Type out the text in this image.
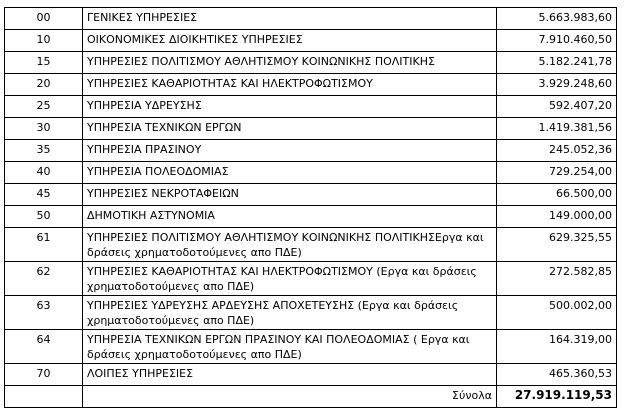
00	ΓΕΝΙΚΕΣ ΥΠΗΡΕΣΙΕΣ	5.663.983,60
10	ΟΙΚΟΝΟΜΙΚΕΣ ΔΙΟΙΚΗΤΙΚΕΣ ΥΠΗΡΕΣΙΕΣ	7.910.460,50
15	ΥΠΗΡΕΣΙΕΣ ΠΟΛΙΤΙΣΜΟΥ ΑΘΛΗΤΙΣΜΟΥ ΚΟΙΝΩΝΙΚΗΣ ΠΟΛΙΤΙΚΗΣ	5.182.241,78
20	ΥΠΗΡΕΣΙΕΣ ΚΑΘΑΡΙΟΤΗΤΑΣ ΚΑΙ ΗΛΕΚΤΡΟΦΩΤΙΣΜΟΥ	3.929.248,60
25	ΥΠΗΡΕΣΙΑ ΥΔΡΕΥΣΗΣ	592.407,20
30	ΥΠΗΡΕΣΙΑ ΤΕΧΝΙΚΩΝ ΕΡΓΩΝ	1.419.381,56
35	ΥΠΗΡΕΣΙΑ ΠΡΑΣΙΝΟΥ	245.052,36
40	ΥΠΗΡΕΣΙΑ ΠΟΛΕΟΔΟΜΙΑΣ	729.254,00
45	ΥΠΗΡΕΣΙΕΣ ΝΕΚΡΟΤΑΦΕΙΩΝ	66.500,00
50	ΔΗΜΟΤΙΚΗ ΑΣΤΥΝΟΜΙΑ	149.000,00
61	ΥΠΗΡΕΣΙΕΣ ΠΟΛΙΤΙΣΜΟΥ ΑΘΛΗΤΙΣΜΟΥ ΚΟΙΝΩΝΙΚΗΣ ΠΟΛΙΤΙΚΗΣΕργα και δράσεις χρηματοδοτούμενες απο ΠΔΕ)	629.325,55
62	ΥΠΗΡΕΣΙΕΣ ΚΑΘΑΡΙΟΤΗΤΑΣ ΚΑΙ ΗΛΕΚΤΡΟΦΩΤΙΣΜΟΥ (Εργα και δράσεις χρηματοδοτούμενες απο ΠΔΕ)	272.582,85
63	ΥΠΗΡΕΣΙΕΣ ΥΔΡΕΥΣΗΣ ΑΡΔΕΥΣΗΣ ΑΠΟΧΕΤΕΥΣΗΣ (Εργα και δράσεις χρηματοδοτούμενες απο ΠΔΕ)	500.002,00
64	ΥΠΗΡΕΣΙΑ ΤΕΧΝΙΚΩΝ ΕΡΓΩΝ ΠΡΑΣΙΝΟΥ ΚΑΙ ΠΟΛΕΟΔΟΜΙΑΣ ( Εργα και δράσεις χρηματοδοτούμενες απο ΠΔΕ)	164.319,00
70	ΛΟΙΠΕΣ ΥΠΗΡΕΣΙΕΣ	465.360,53
	Σύνολα	27.919.119,53
